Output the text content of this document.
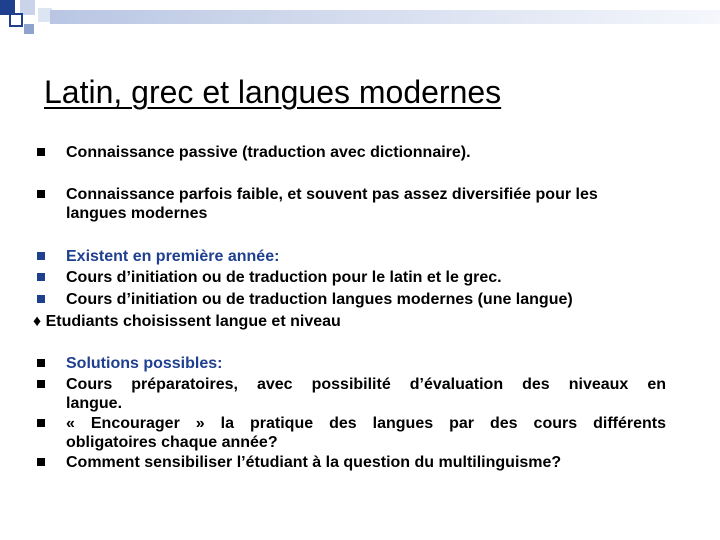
Latin, grec et langues modernes
Connaissance passive (traduction avec dictionnaire).
Connaissance parfois faible, et souvent pas assez diversifiée pour les
langues modernes
Existent en première année:
Cours d’initiation ou de traduction pour le latin et le grec.
Cours d’initiation ou de traduction langues modernes (une langue)
♦ Etudiants choisissent langue et niveau
Solutions possibles:
Cours préparatoires, avec possibilité d’évaluation des niveaux en
langue.
« Encourager » la pratique des langues par des cours différents
obligatoires chaque année?
Comment sensibiliser l’étudiant à la question du multilinguisme?
